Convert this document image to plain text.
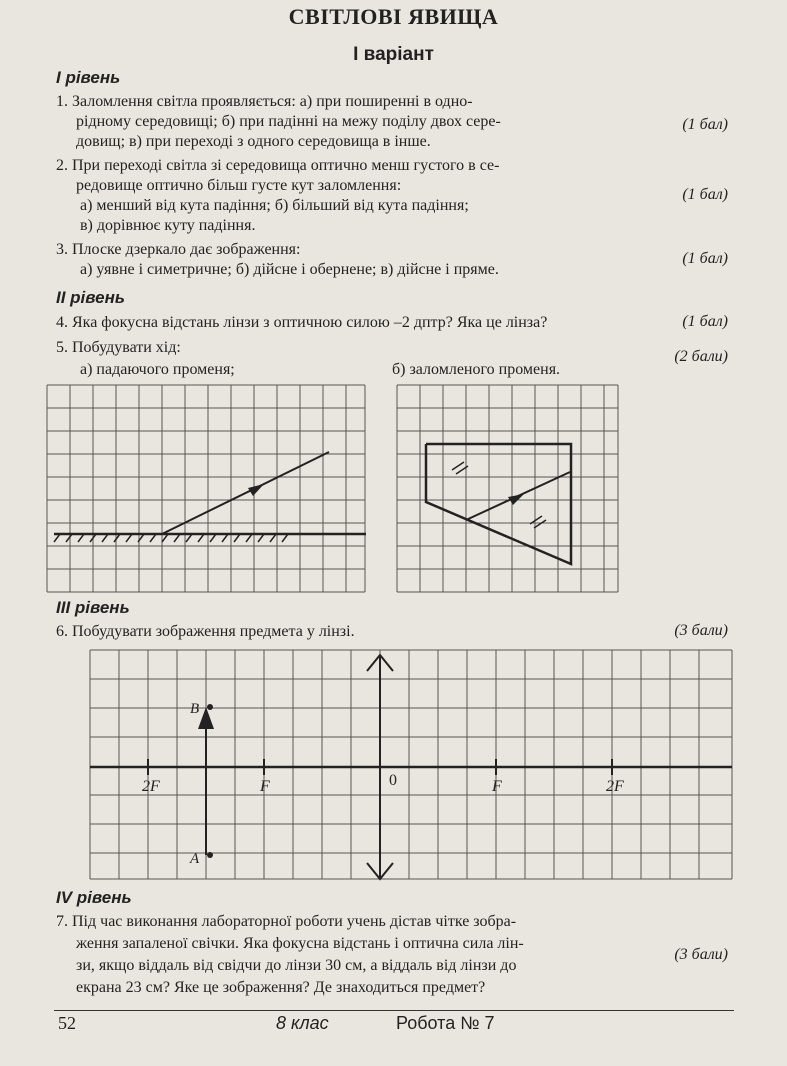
СВІТЛОВІ ЯВИЩА
І варіант
І рівень
1. Заломлення світла проявляється: а) при поширенні в одно-
рідному середовищі; б) при падінні на межу поділу двох сере-
довищ; в) при переході з одного середовища в інше.
(1 бал)
2. При переході світла зі середовища оптично менш густого в се-
редовище оптично більш густе кут заломлення:
а) менший від кута падіння; б) більший від кута падіння;
в) дорівнює куту падіння.
(1 бал)
3. Плоске дзеркало дає зображення:
а) уявне і симетричне; б) дійсне і обернене; в) дійсне і пряме.
(1 бал)
ІІ рівень
4. Яка фокусна відстань лінзи з оптичною силою –2 дптр? Яка це лінза?	(1 бал)
5. Побудувати хід:
а) падаючого променя;	б) заломленого променя.
(2 бали)
ІІІ рівень
6. Побудувати зображення предмета у лінзі.	(3 бали)
B
A
2F	F	0	F	2F
IV рівень
7. Під час виконання лабораторної роботи учень дістав чітке зобра-
ження запаленої свічки. Яка фокусна відстань і оптична сила лін-
зи, якщо віддаль від свідчи до лінзи 30 см, а віддаль від лінзи до
екрана 23 см? Яке це зображення? Де знаходиться предмет?
(3 бали)
52	8 клас	Робота № 7
